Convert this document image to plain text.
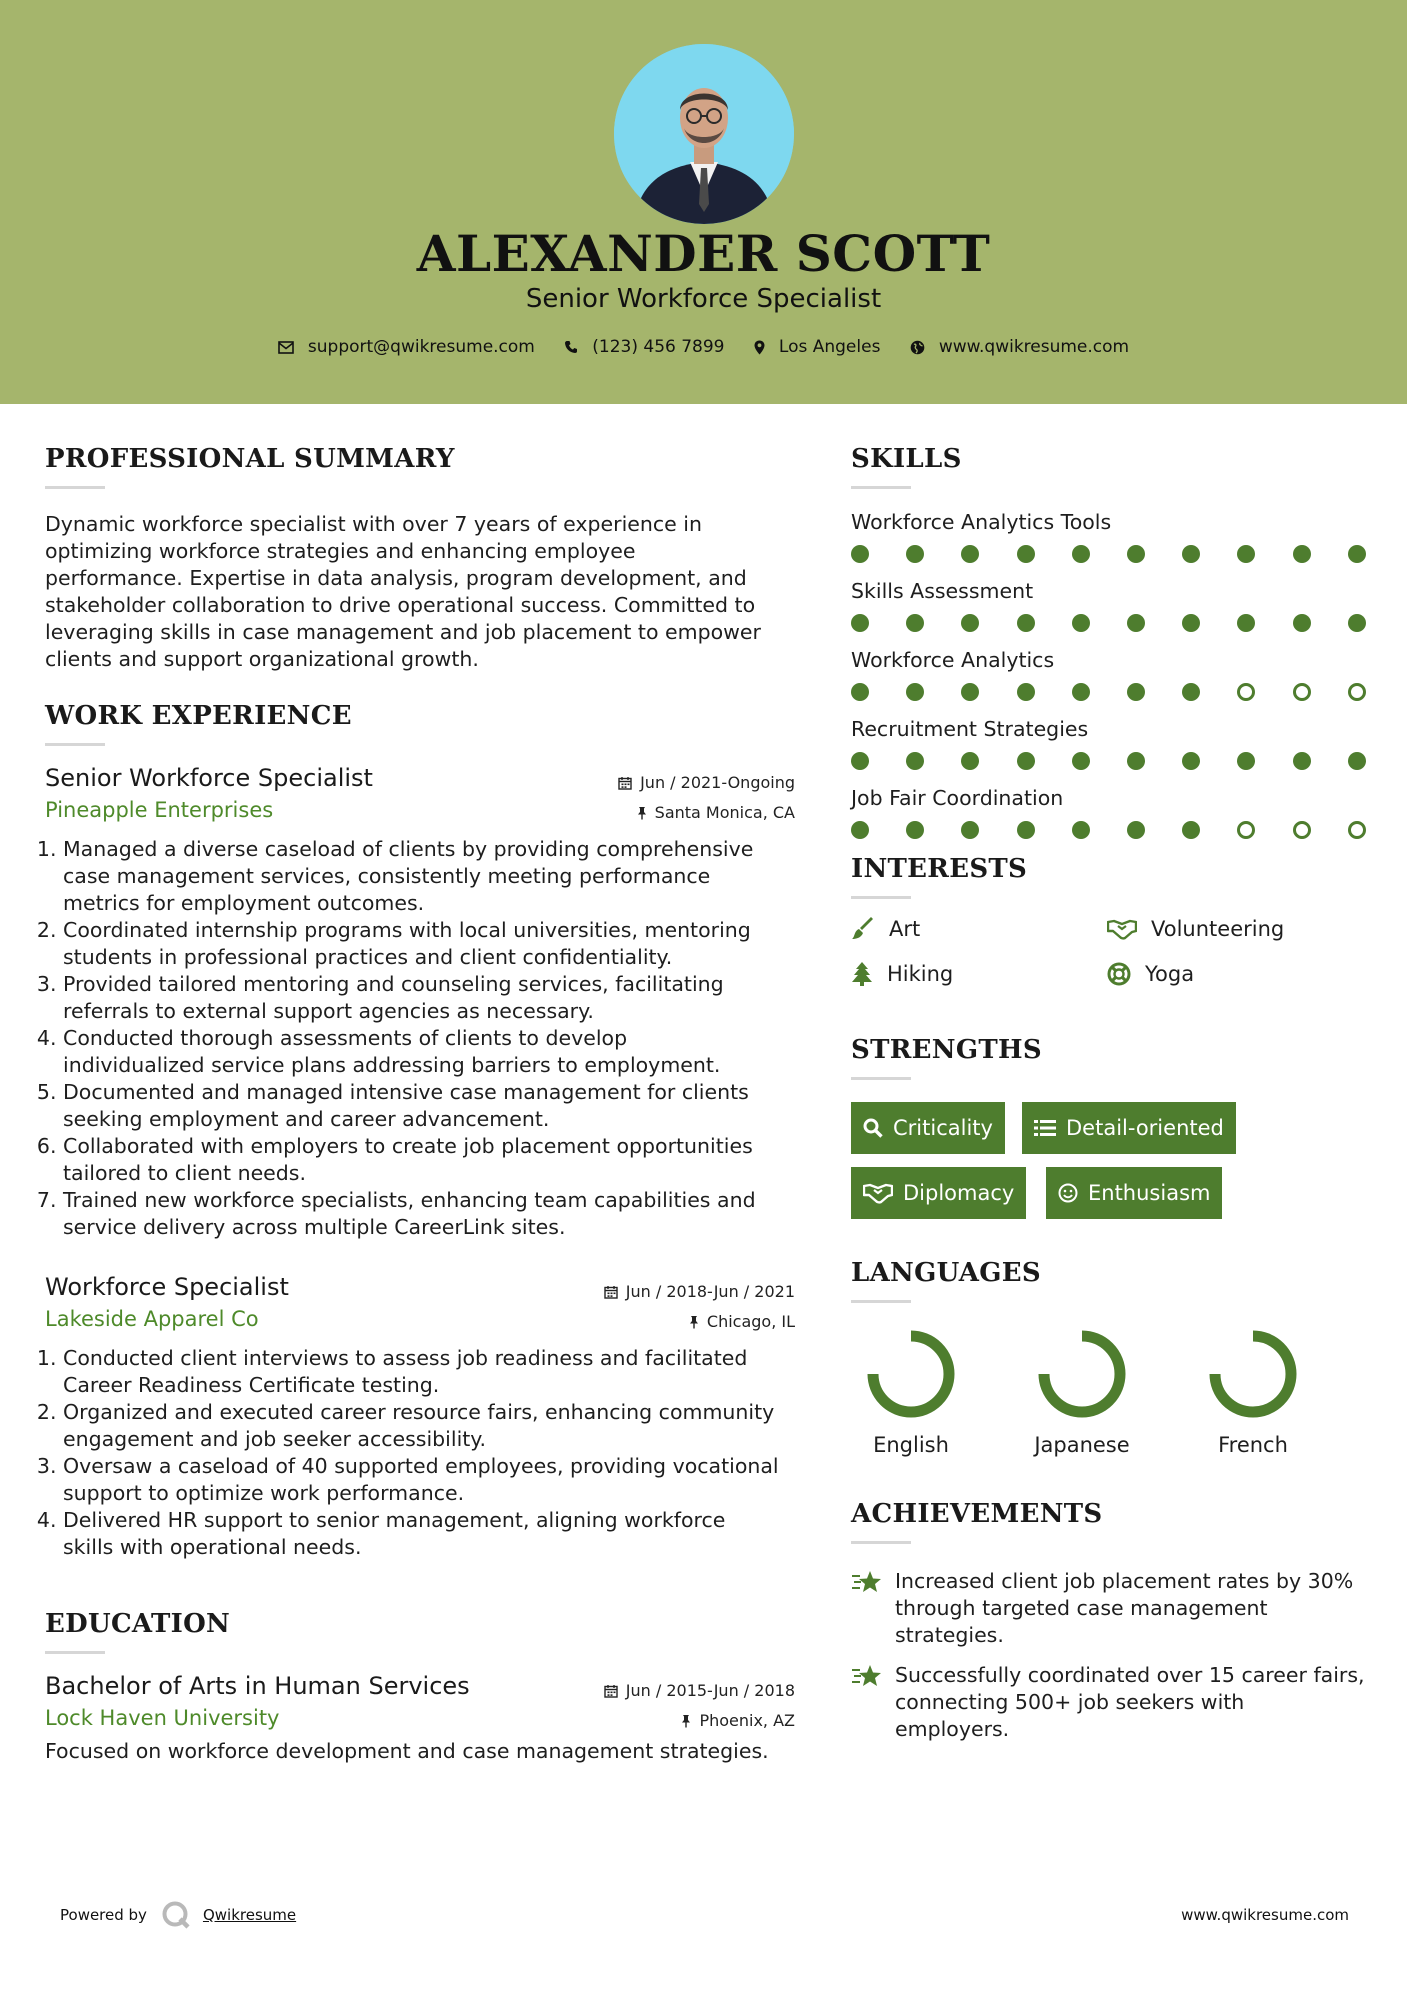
ALEXANDER SCOTT
Senior Workforce Specialist
support@qwikresume.com
	(123) 456 7899
	Los Angeles
	www.qwikresume.com
PROFESSIONAL SUMMARY
Dynamic workforce specialist with over 7 years of experience in
optimizing workforce strategies and enhancing employee
performance. Expertise in data analysis, program development, and
stakeholder collaboration to drive operational success. Committed to
leveraging skills in case management and job placement to empower
clients and support organizational growth.
WORK EXPERIENCE
Senior Workforce Specialist	Jun / 2021-Ongoing
Pineapple Enterprises	Santa Monica, CA
1. Managed a diverse caseload of clients by providing comprehensive
case management services, consistently meeting performance
metrics for employment outcomes.
2. Coordinated internship programs with local universities, mentoring
students in professional practices and client confidentiality.
3. Provided tailored mentoring and counseling services, facilitating
referrals to external support agencies as necessary.
4. Conducted thorough assessments of clients to develop
individualized service plans addressing barriers to employment.
5. Documented and managed intensive case management for clients
seeking employment and career advancement.
6. Collaborated with employers to create job placement opportunities
tailored to client needs.
7. Trained new workforce specialists, enhancing team capabilities and
service delivery across multiple CareerLink sites.
Workforce Specialist	Jun / 2018-Jun / 2021
Lakeside Apparel Co	Chicago, IL
1. Conducted client interviews to assess job readiness and facilitated
Career Readiness Certificate testing.
2. Organized and executed career resource fairs, enhancing community
engagement and job seeker accessibility.
3. Oversaw a caseload of 40 supported employees, providing vocational
support to optimize work performance.
4. Delivered HR support to senior management, aligning workforce
skills with operational needs.
EDUCATION
Bachelor of Arts in Human Services	Jun / 2015-Jun / 2018
Lock Haven University	Phoenix, AZ
Focused on workforce development and case management strategies.
SKILLS
Workforce Analytics Tools
Skills Assessment
Workforce Analytics
Recruitment Strategies
Job Fair Coordination
INTERESTS
Art	Volunteering
Hiking	Yoga
STRENGTHS
Criticality	Detail-oriented
Diplomacy	Enthusiasm
LANGUAGES
English	Japanese	French
ACHIEVEMENTS
Increased client job placement rates by 30%
through targeted case management
strategies.
Successfully coordinated over 15 career fairs,
connecting 500+ job seekers with
employers.
Powered by	Qwikresume	www.qwikresume.com
